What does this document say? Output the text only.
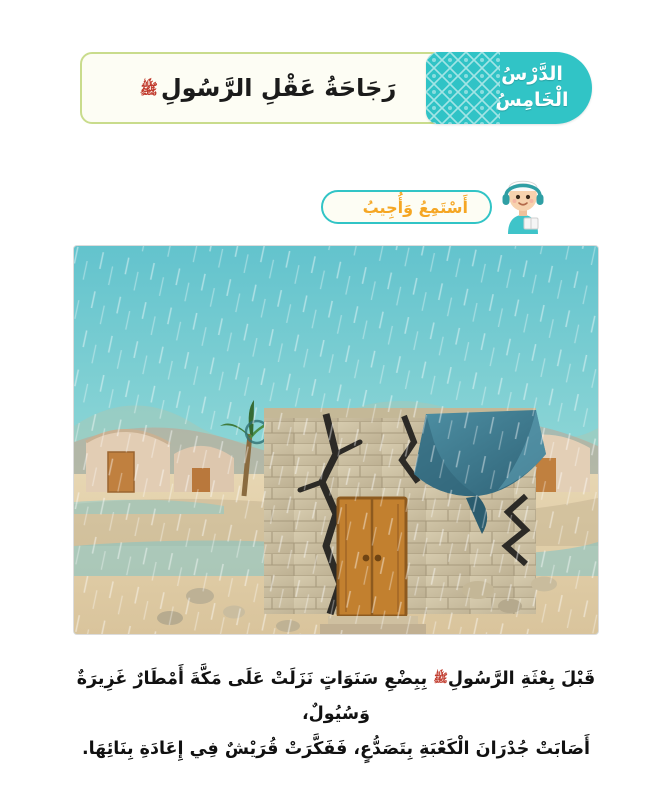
الدَّرْسُ
الْخَامِسُ
رَجَاحَةُ عَقْلِ الرَّسُولِﷺ
أَسْتَمِعُ وَأُجِيبُ
قَبْلَ بِعْثَةِ الرَّسُولِﷺ بِبِضْعِ سَنَوَاتٍ نَزَلَتْ عَلَى مَكَّةَ أَمْطَارٌ غَزِيرَةٌ وَسُيُولٌ،
أَصَابَتْ جُدْرَانَ الْكَعْبَةِ بِتَصَدُّعٍ، فَفَكَّرَتْ قُرَيْشٌ فِي إِعَادَةِ بِنَائِهَا.
